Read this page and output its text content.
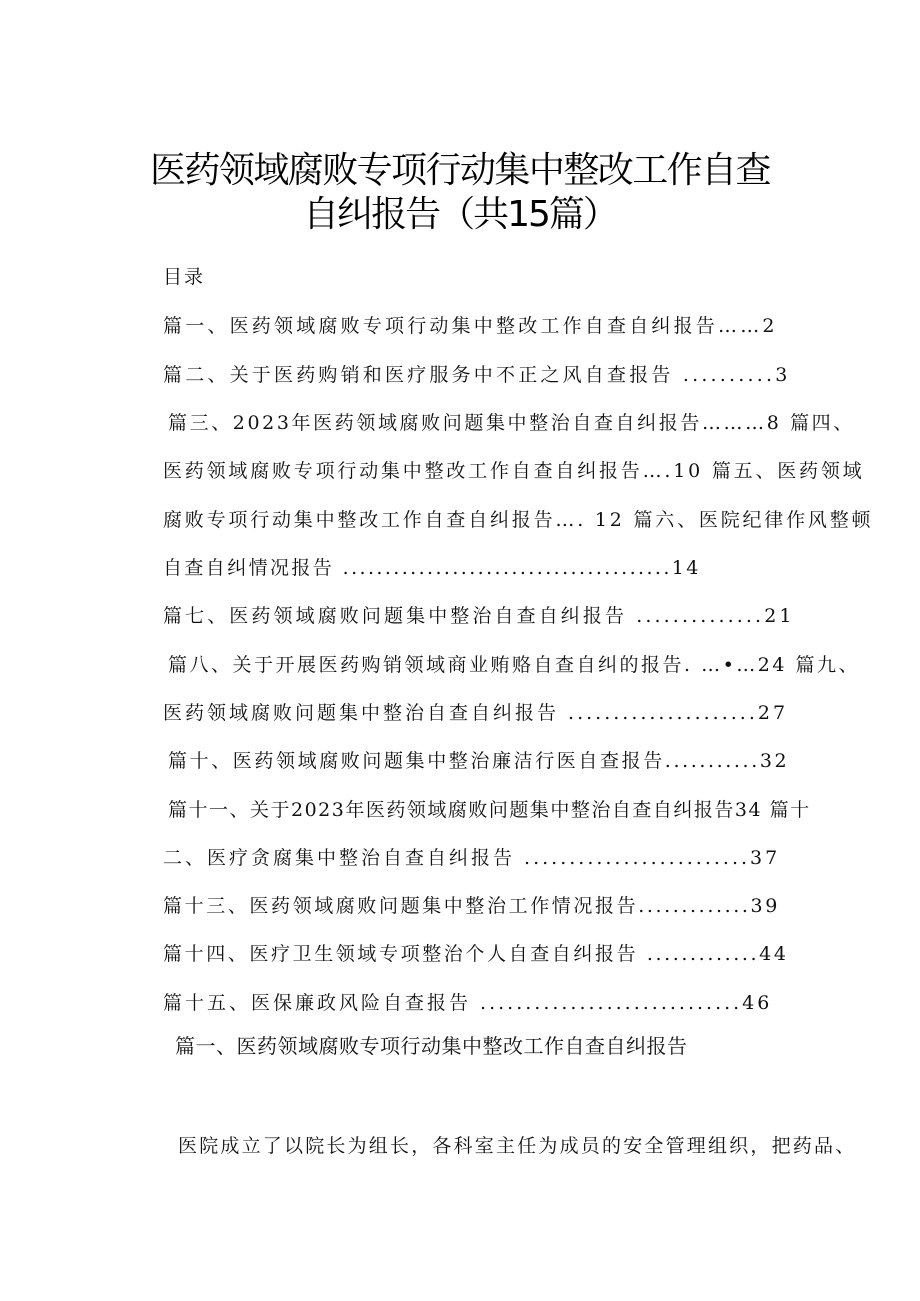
医药领域腐败专项行动集中整改工作自查
自纠报告（共15篇）
目录
篇一、医药领域腐败专项行动集中整改工作自查自纠报告……2
篇二、关于医药购销和医疗服务中不正之风自查报告 ..........3
篇三、2023年医药领域腐败问题集中整治自查自纠报告………8 篇四、
医药领域腐败专项行动集中整改工作自查自纠报告….10 篇五、医药领域
腐败专项行动集中整改工作自查自纠报告…. 12 篇六、医院纪律作风整顿
自查自纠情况报告 .......................................14
篇七、医药领域腐败问题集中整治自查自纠报告 ..............21
篇八、关于开展医药购销领域商业贿赂自查自纠的报告. …•…24 篇九、
医药领域腐败问题集中整治自查自纠报告 .....................27
篇十、医药领域腐败问题集中整治廉洁行医自查报告...........32
篇十一、关于2023年医药领域腐败问题集中整治自查自纠报告34 篇十
二、医疗贪腐集中整治自查自纠报告 .........................37
篇十三、医药领域腐败问题集中整治工作情况报告.............39
篇十四、医疗卫生领域专项整治个人自查自纠报告 .............44
篇十五、医保廉政风险自查报告 .............................46
篇一、医药领域腐败专项行动集中整改工作自查自纠报告
医院成立了以院长为组长，各科室主任为成员的安全管理组织，把药品、
